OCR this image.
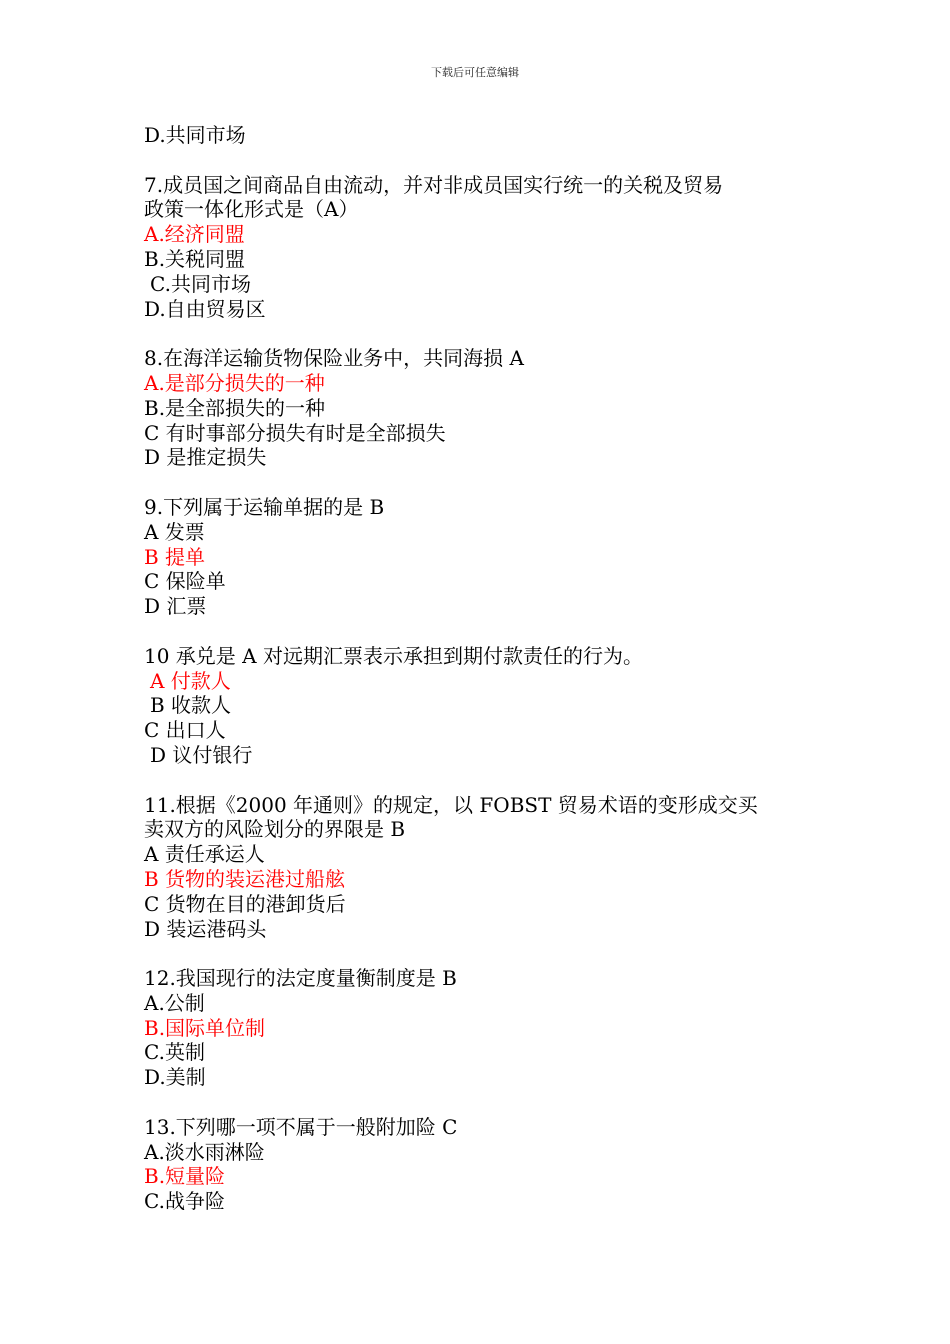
下载后可任意编辑
D.共同市场
7.成员国之间商品自由流动，并对非成员国实行统一的关税及贸易
政策一体化形式是（A）
A.经济同盟
B.关税同盟
C.共同市场
D.自由贸易区
8.在海洋运输货物保险业务中，共同海损 A
A.是部分损失的一种
B.是全部损失的一种
C 有时事部分损失有时是全部损失
D 是推定损失
9.下列属于运输单据的是 B
A 发票
B 提单
C 保险单
D 汇票
10 承兑是 A 对远期汇票表示承担到期付款责任的行为。
A 付款人
B 收款人
C 出口人
D 议付银行
11.根据《2000 年通则》的规定，以 FOBST 贸易术语的变形成交买
卖双方的风险划分的界限是 B
A 责任承运人
B 货物的装运港过船舷
C 货物在目的港卸货后
D 装运港码头
12.我国现行的法定度量衡制度是 B
A.公制
B.国际单位制
C.英制
D.美制
13.下列哪一项不属于一般附加险 C
A.淡水雨淋险
B.短量险
C.战争险
